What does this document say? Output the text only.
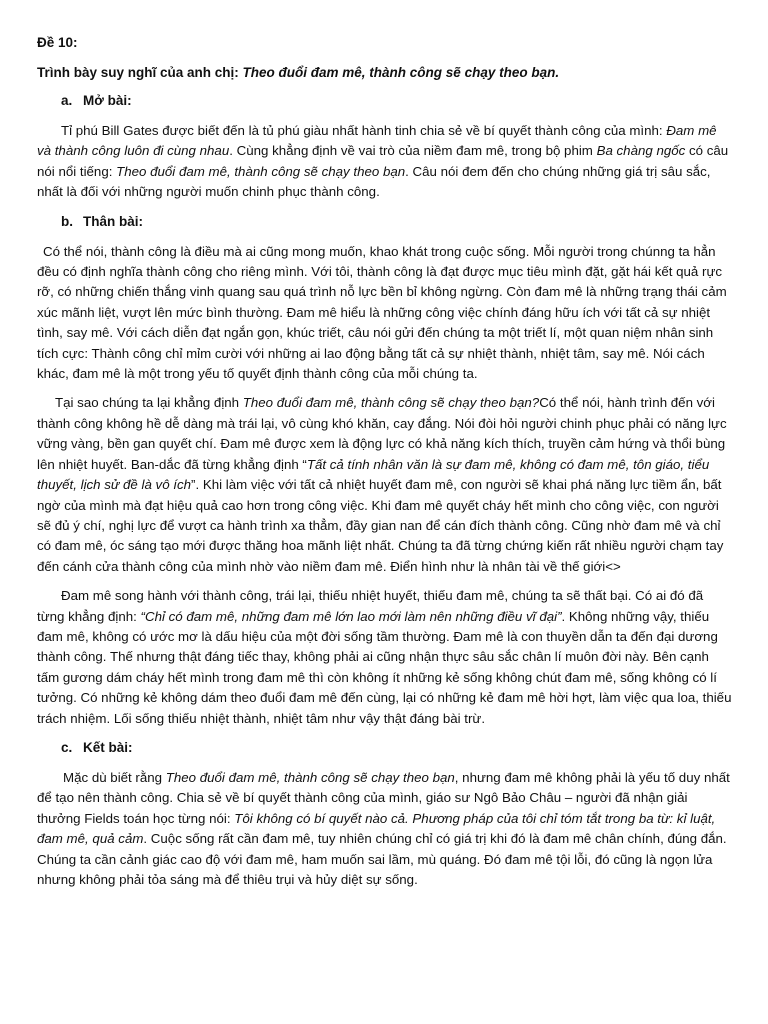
Đề 10:

Trình bày suy nghĩ của anh chị: Theo đuổi đam mê, thành công sẽ chạy theo bạn.

a. Mở bài:

Tỉ phú Bill Gates được biết đến là tủ phú giàu nhất hành tinh chia sẻ về bí quyết thành công của mình: Đam mê và thành công luôn đi cùng nhau. Cùng khẳng định về vai trò của niềm đam mê, trong bộ phim Ba chàng ngốc có câu nói nổi tiếng: Theo đuổi đam mê, thành công sẽ chạy theo bạn. Câu nói đem đến cho chúng những giá trị sâu sắc, nhất là đối với những người muốn chinh phục thành công.

b. Thân bài:

Có thể nói, thành công là điều mà ai cũng mong muốn, khao khát trong cuộc sống. Mỗi người trong chúnng ta hẳn đều có định nghĩa thành công cho riêng mình. Với tôi, thành công là đạt được mục tiêu mình đặt, gặt hái kết quả rực rỡ, có những chiến thắng vinh quang sau quá trình nỗ lực bền bỉ không ngừng. Còn đam mê là những trạng thái cảm xúc mãnh liệt, vượt lên mức bình thường. Đam mê hiểu là những công việc chính đáng hữu ích với tất cả sự nhiệt tình, say mê. Với cách diễn đạt ngắn gọn, khúc triết, câu nói gửi đến chúng ta một triết lí, một quan niệm nhân sinh tích cực: Thành công chỉ mỉm cười với những ai lao động bằng tất cả sự nhiệt thành, nhiệt tâm, say mê. Nói cách khác, đam mê là một trong yếu tố quyết định thành công của mỗi chúng ta.

Tại sao chúng ta lại khẳng định Theo đuổi đam mê, thành công sẽ chạy theo bạn?Có thể nói, hành trình đến với thành công không hề dễ dàng mà trái lại, vô cùng khó khăn, cay đắng. Nói đòi hỏi người chinh phục phải có năng lực vững vàng, bền gan quyết chí. Đam mê được xem là động lực có khả năng kích thích, truyền cảm hứng và thổi bùng lên nhiệt huyết. Ban-dắc đã từng khẳng định “Tất cả tính nhân văn là sự đam mê, không có đam mê, tôn giáo, tiểu thuyết, lịch sử đề là vô ích”. Khi làm việc với tất cả nhiệt huyết đam mê, con người sẽ khai phá năng lực tiềm ẩn, bất ngờ của mình mà đạt hiệu quả cao hơn trong công việc. Khi đam mê quyết cháy hết mình cho công việc, con người sẽ đủ ý chí, nghị lực để vượt ca hành trình xa thẳm, đầy gian nan để cán đích thành công. Cũng nhờ đam mê và chỉ có đam mê, óc sáng tạo mới được thăng hoa mãnh liệt nhất. Chúng ta đã từng chứng kiến rất nhiều người chạm tay đến cánh cửa thành công của mình nhờ vào niềm đam mê. Điển hình như là nhân tài về thế giới<>

Đam mê song hành với thành công, trái lại, thiếu nhiệt huyết, thiếu đam mê, chúng ta sẽ thất bại. Có ai đó đã từng khẳng định: “Chỉ có đam mê, những đam mê lớn lao mới làm nên những điều vĩ đại”. Không những vậy, thiếu đam mê, không có ước mơ là dấu hiệu của một đời sống tầm thường. Đam mê là con thuyền dẫn ta đến đại dương thành công. Thế nhưng thật đáng tiếc thay, không phải ai cũng nhận thực sâu sắc chân lí muôn đời này. Bên cạnh tấm gương dám cháy hết mình trong đam mê thì còn không ít những kẻ sống không chút đam mê, sống không có lí tưởng. Có những kẻ không dám theo đuổi đam mê đến cùng, lại có những kẻ đam mê hời hợt, làm việc qua loa, thiếu trách nhiệm. Lối sống thiếu nhiệt thành, nhiệt tâm như vậy thật đáng bài trừ.

c. Kết bài:

Mặc dù biết rằng Theo đuổi đam mê, thành công sẽ chạy theo bạn, nhưng đam mê không phải là yếu tố duy nhất để tạo nên thành công. Chia sẻ về bí quyết thành công của mình, giáo sư Ngô Bảo Châu – người đã nhận giải thưởng Fields toán học từng nói: Tôi không có bí quyết nào cả. Phương pháp của tôi chỉ tóm tắt trong ba từ: kỉ luật, đam mê, quả cảm. Cuộc sống rất cần đam mê, tuy nhiên chúng chỉ có giá trị khi đó là đam mê chân chính, đúng đắn. Chúng ta cần cảnh giác cao độ với đam mê, ham muốn sai lầm, mù quáng. Đó đam mê tội lỗi, đó cũng là ngọn lửa nhưng không phải tỏa sáng mà để thiêu trụi và hủy diệt sự sống.
